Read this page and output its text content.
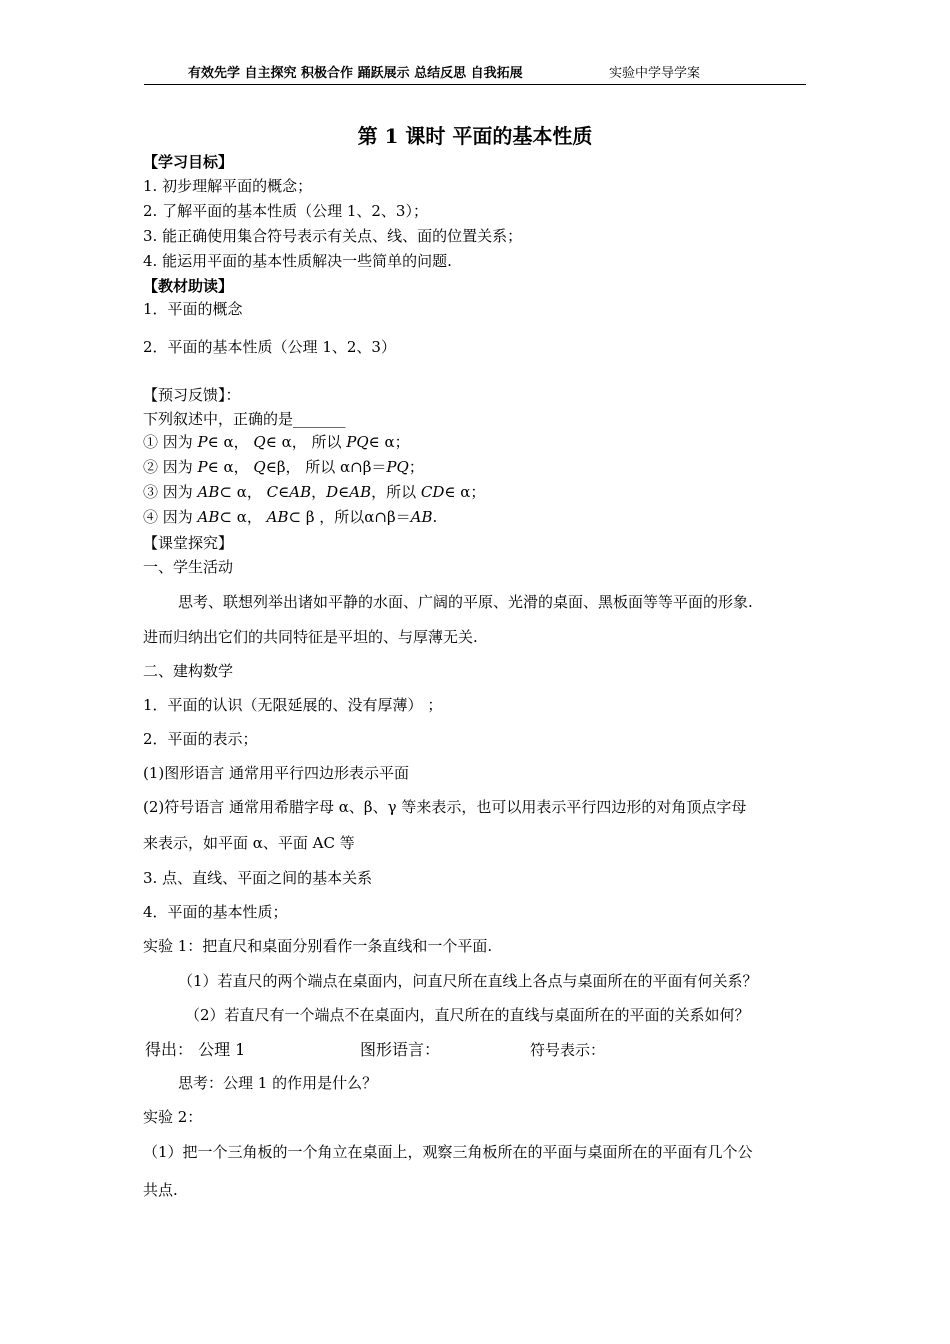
有效先学 自主探究 积极合作 踊跃展示 总结反思 自我拓展	实验中学导学案
第 1 课时 平面的基本性质
【学习目标】
1. 初步理解平面的概念；
2. 了解平面的基本性质（公理 1、2、3）；
3. 能正确使用集合符号表示有关点、线、面的位置关系；
4. 能运用平面的基本性质解决一些简单的问题.
【教材助读】
1．平面的概念
2．平面的基本性质（公理 1、2、3）
【预习反馈】：
下列叙述中，正确的是_______
① 因为 P∈ α， Q∈ α， 所以 PQ∈ α；
② 因为 P∈ α， Q∈β， 所以 α∩β＝PQ；
③ 因为 AB⊂ α， C∈AB，D∈AB，所以 CD∈ α；
④ 因为 AB⊂ α， AB⊂ β ，所以α∩β＝AB.
【课堂探究】
一、学生活动
思考、联想列举出诸如平静的水面、广阔的平原、光滑的桌面、黑板面等等平面的形象.
进而归纳出它们的共同特征是平坦的、与厚薄无关.
二、建构数学
1．平面的认识（无限延展的、没有厚薄） ；
2．平面的表示；
(1)图形语言 通常用平行四边形表示平面
(2)符号语言 通常用希腊字母 α、β、γ 等来表示，也可以用表示平行四边形的对角顶点字母
来表示，如平面 α、平面 AC 等
3. 点、直线、平面之间的基本关系
4．平面的基本性质；
实验 1：把直尺和桌面分别看作一条直线和一个平面.
（1）若直尺的两个端点在桌面内，问直尺所在直线上各点与桌面所在的平面有何关系？
（2）若直尺有一个端点不在桌面内，直尺所在的直线与桌面所在的平面的关系如何？
得出： 公理 1	图形语言：	符号表示：
思考：公理 1 的作用是什么？
实验 2：
（1）把一个三角板的一个角立在桌面上，观察三角板所在的平面与桌面所在的平面有几个公
共点.
